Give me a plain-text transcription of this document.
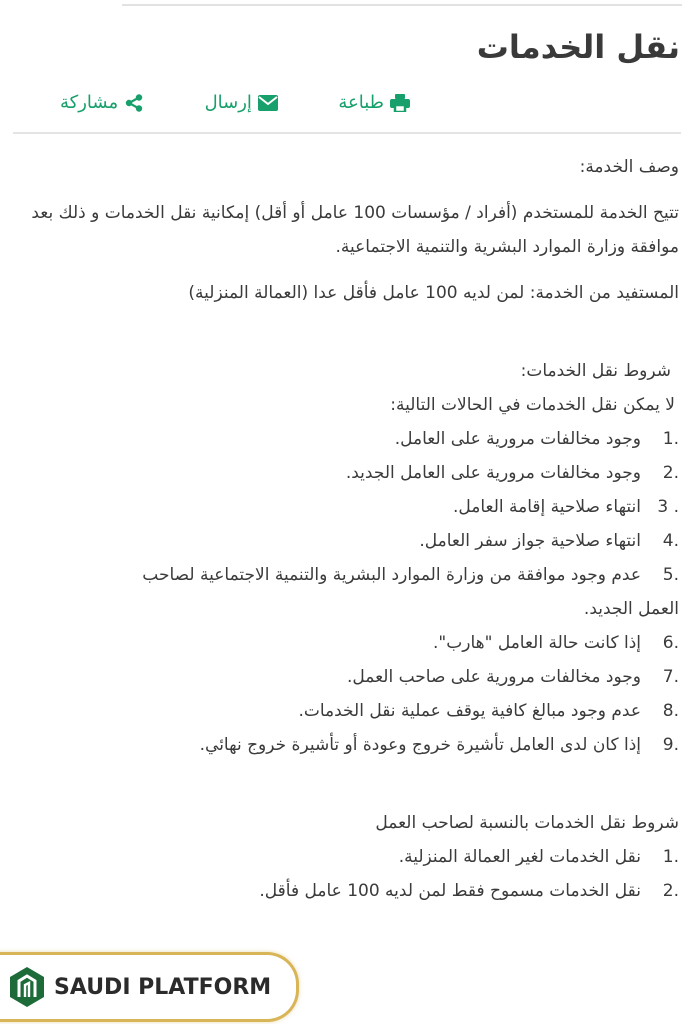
نقل الخدمات
طباعة
إرسال
مشاركة

وصف الخدمة:

تتيح الخدمة للمستخدم (أفراد / مؤسسات 100 عامل أو أقل) إمكانية نقل الخدمات و ذلك بعد موافقة وزارة الموارد البشرية والتنمية الاجتماعية.

المستفيد من الخدمة: لمن لديه 100 عامل فأقل عدا (العمالة المنزلية)

شروط نقل الخدمات:

لا يمكن نقل الخدمات في الحالات التالية:

1.
وجود مخالفات مرورية على العامل.
2.
وجود مخالفات مرورية على العامل الجديد.
3 .
انتهاء صلاحية إقامة العامل.
4.
انتهاء صلاحية جواز سفر العامل.
5.
عدم وجود موافقة من وزارة الموارد البشرية والتنمية الاجتماعية لصاحب

العمل الجديد.

6.
إذا كانت حالة العامل "هارب".
7.
وجود مخالفات مرورية على صاحب العمل.
8.
عدم وجود مبالغ كافية يوقف عملية نقل الخدمات.
9.
إذا كان لدى العامل تأشيرة خروج وعودة أو تأشيرة خروج نهائي.

شروط نقل الخدمات بالنسبة لصاحب العمل

1.
نقل الخدمات لغير العمالة المنزلية.
2.
نقل الخدمات مسموح فقط لمن لديه 100 عامل فأقل.
SAUDI PLATFORM
